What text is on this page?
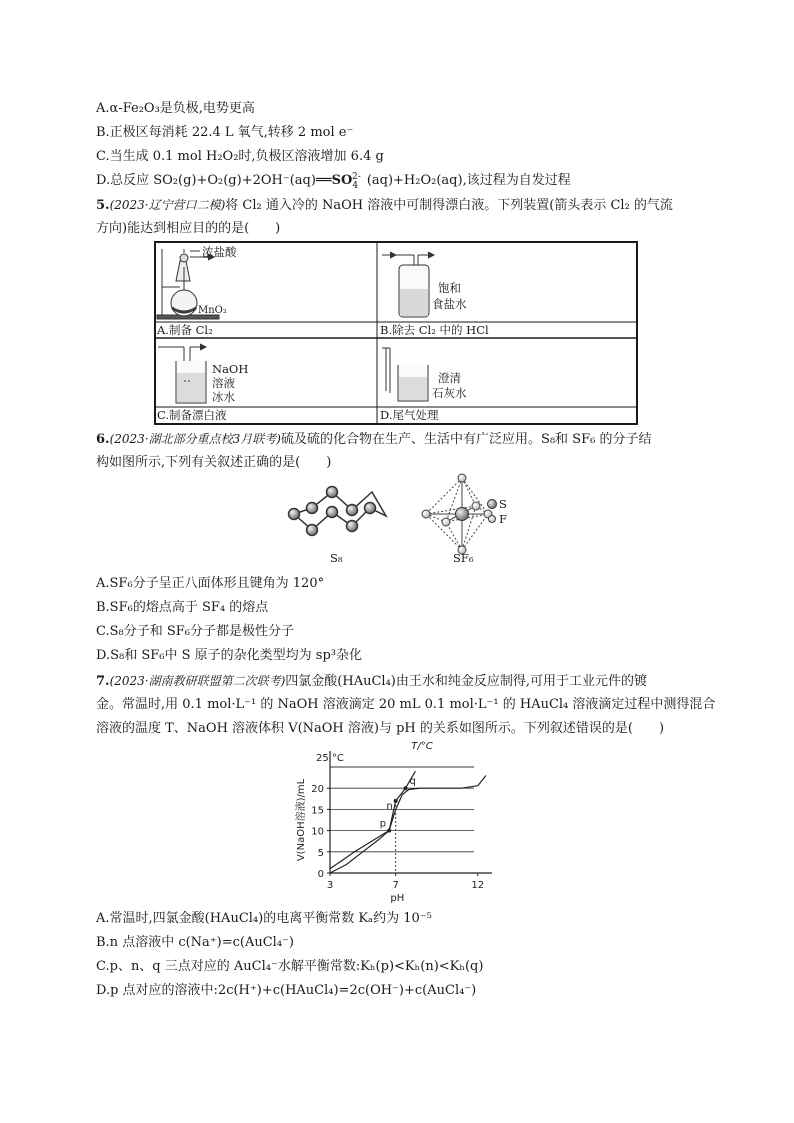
A.α-Fe₂O₃是负极,电势更高
B.正极区每消耗 22.4 L 氧气,转移 2 mol e⁻
C.当生成 0.1 mol H₂O₂时,负极区溶液增加 6.4 g
D.总反应 $SO_2(g)+O_2(g)+2OH^-(aq)══SO_4^{2-}$ (aq)+H₂O₂(aq),该过程为自发过程
5.(2023·辽宁营口二模)将 Cl₂ 通入冷的 NaOH 溶液中可制得漂白液。下列装置(箭头表示 Cl₂ 的气流
方向)能达到相应目的的是(　　)
浓盐酸
MnO₂
A.制备 Cl₂
饱和
食盐水
B.除去 Cl₂ 中的 HCl
NaOH
溶液
冰水
C.制备漂白液
澄清
石灰水
D.尾气处理
6.(2023·湖北部分重点校3月联考)硫及硫的化合物在生产、生活中有广泛应用。S₈和 SF₆ 的分子结
构如图所示,下列有关叙述正确的是(　　)
S
F
S₈	SF₆
A.SF₆分子呈正八面体形且键角为 120°
B.SF₆的熔点高于 SF₄ 的熔点
C.S₈分子和 SF₆分子都是极性分子
D.S₈和 SF₆中 S 原子的杂化类型均为 sp³杂化
7.(2023·湖南教研联盟第二次联考)四氯金酸(HAuCl₄)由王水和纯金反应制得,可用于工业元件的镀
金。常温时,用 0.1 mol·L⁻¹ 的 NaOH 溶液滴定 20 mL 0.1 mol·L⁻¹ 的 HAuCl₄ 溶液滴定过程中测得混合
溶液的温度 T、NaOH 溶液体积 V(NaOH 溶液)与 pH 的关系如图所示。下列叙述错误的是(　　)
0
5
10
15
20
3	7	12
pH
V(NaOH溶液)/mL
T/°C
25 °C
p
n
q
A.常温时,四氯金酸(HAuCl₄)的电离平衡常数 Kₐ约为 10⁻⁵
B.n 点溶液中 c(Na⁺)=c(AuCl₄⁻)
C.p、n、q 三点对应的 AuCl₄⁻水解平衡常数:Kₕ(p)<Kₕ(n)<Kₕ(q)
D.p 点对应的溶液中:2c(H⁺)+c(HAuCl₄)=2c(OH⁻)+c(AuCl₄⁻)
